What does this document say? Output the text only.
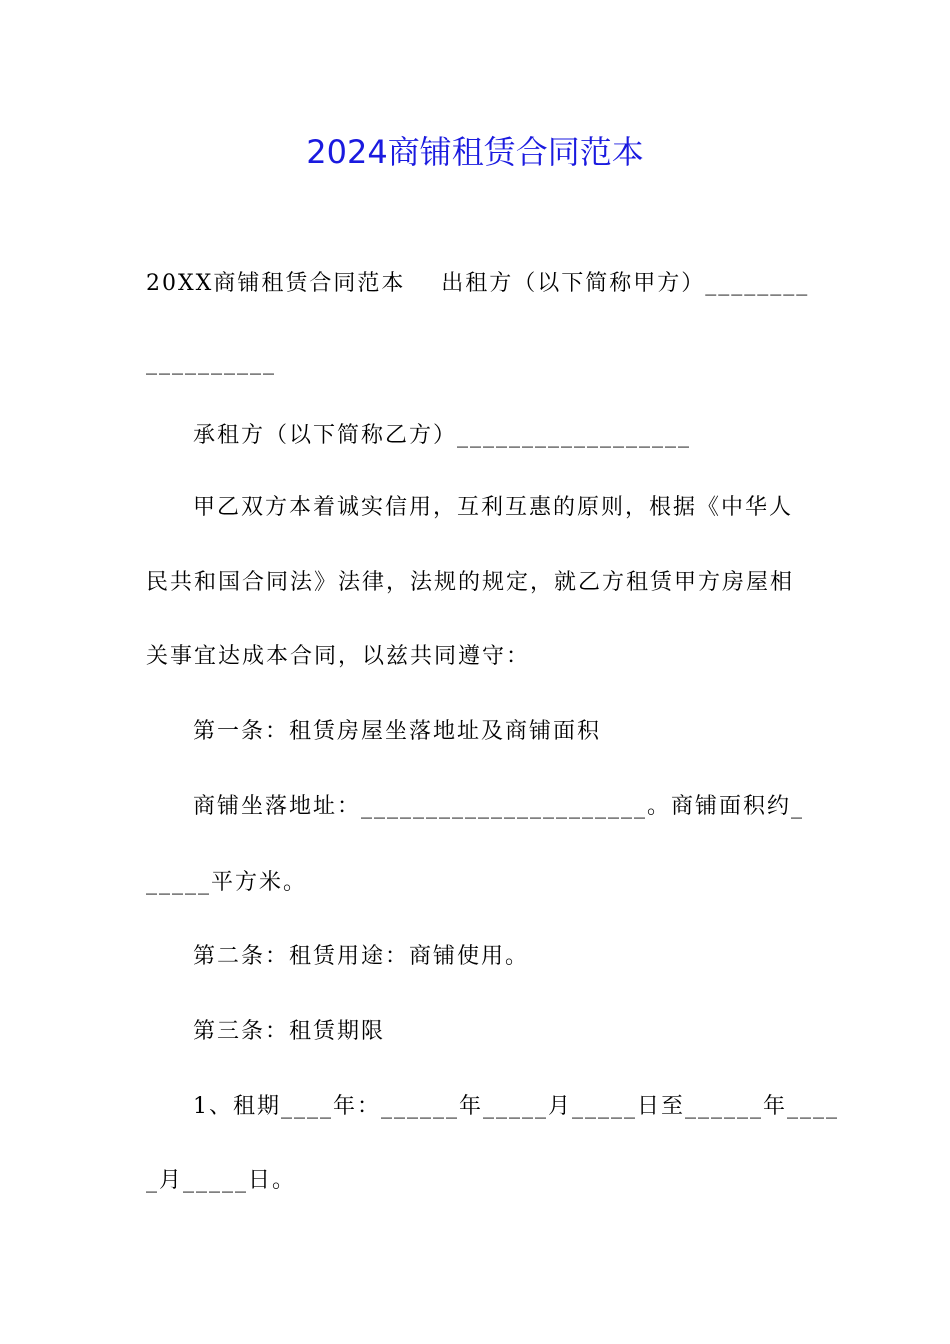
2024商铺租赁合同范本
20XX商铺租赁合同范本    出租方（以下简称甲方）________
__________
承租方（以下简称乙方）__________________
甲乙双方本着诚实信用，互利互惠的原则，根据《中华人
民共和国合同法》法律，法规的规定，就乙方租赁甲方房屋相
关事宜达成本合同，以兹共同遵守：
第一条：租赁房屋坐落地址及商铺面积
商铺坐落地址：______________________。商铺面积约_
_____平方米。
第二条：租赁用途：商铺使用。
第三条：租赁期限
1、租期____年：______年_____月_____日至______年____
_月_____日。
